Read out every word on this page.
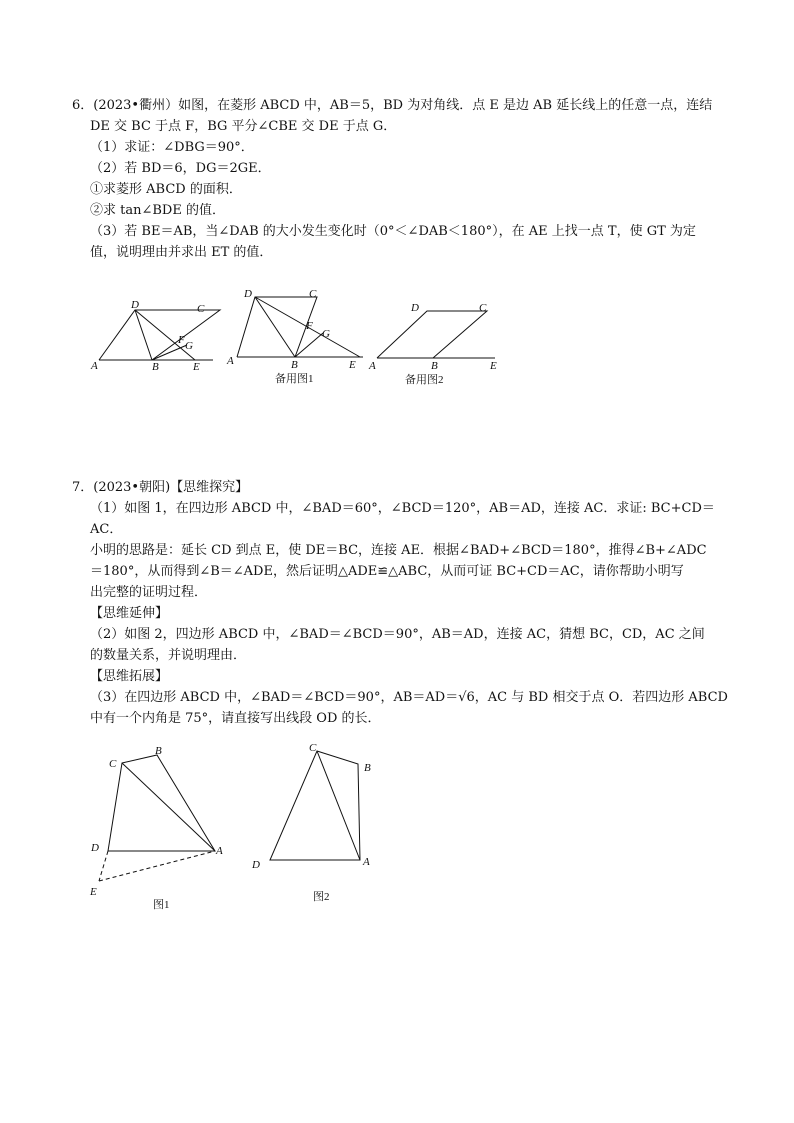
6．(2023•衢州）如图，在菱形 ABCD 中，AB＝5，BD 为对角线．点 E 是边 AB 延长线上的任意一点，连结
DE 交 BC 于点 F，BG 平分∠CBE 交 DE 于点 G．
（1）求证：∠DBG＝90°．
（2）若 BD＝6，DG＝2GE．
①求菱形 ABCD 的面积．
②求 tan∠BDE 的值．
（3）若 BE＝AB，当∠DAB 的大小发生变化时（0°＜∠DAB＜180°），在 AE 上找一点 T，使 GT 为定
值，说明理由并求出 ET 的值．
D	C
F G
A	B	E
D	C
F
G
A	B	E
备用图1
D	C
A	B	E
备用图2
7．(2023•朝阳)【思维探究】
（1）如图 1，在四边形 ABCD 中，∠BAD＝60°，∠BCD＝120°，AB＝AD，连接 AC．求证: BC+CD＝
AC．
小明的思路是：延长 CD 到点 E，使 DE＝BC，连接 AE．根据∠BAD+∠BCD＝180°，推得∠B+∠ADC
＝180°，从而得到∠B＝∠ADE，然后证明△ADE≌△ABC，从而可证 BC+CD＝AC，请你帮助小明写
出完整的证明过程．
【思维延伸】
（2）如图 2，四边形 ABCD 中，∠BAD＝∠BCD＝90°，AB＝AD，连接 AC，猜想 BC，CD，AC 之间
的数量关系，并说明理由．
【思维拓展】
（3）在四边形 ABCD 中，∠BAD＝∠BCD＝90°，AB＝AD＝√6，AC 与 BD 相交于点 O．若四边形 ABCD
中有一个内角是 75°，请直接写出线段 OD 的长．
C
B
D	A
E
图1
C
B
D	A
图2
